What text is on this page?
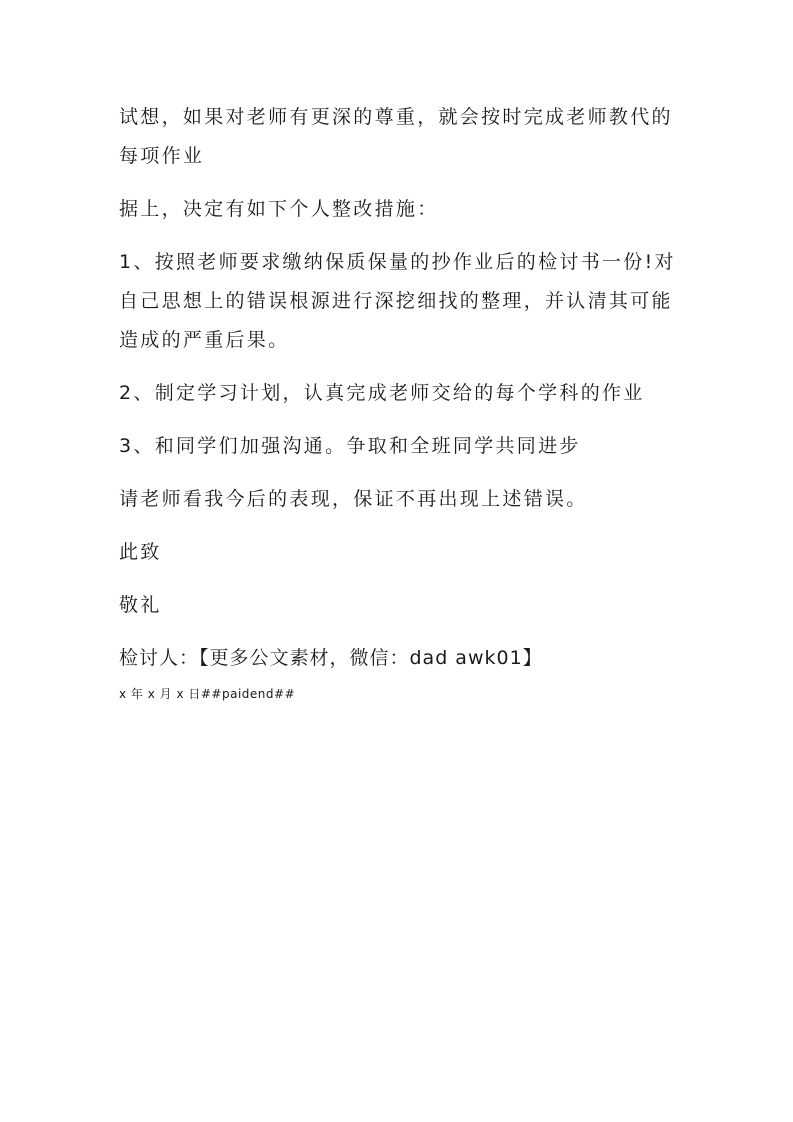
试想，如果对老师有更深的尊重，就会按时完成老师教代的每项作业

据上，决定有如下个人整改措施：

1、按照老师要求缴纳保质保量的抄作业后的检讨书一份!对自己思想上的错误根源进行深挖细找的整理，并认清其可能造成的严重后果。

2、制定学习计划，认真完成老师交给的每个学科的作业

3、和同学们加强沟通。争取和全班同学共同进步

请老师看我今后的表现，保证不再出现上述错误。

此致

敬礼

检讨人：【更多公文素材，微信：dad awk01】

x 年 x 月 x 日##paidend##
